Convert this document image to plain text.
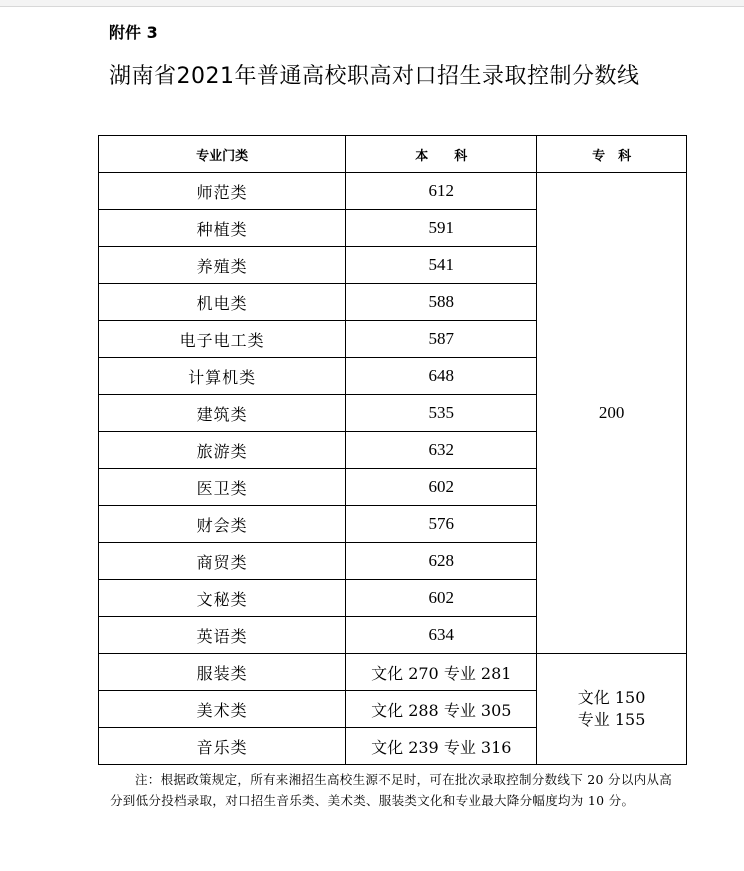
附件 3
湖南省2021年普通高校职高对口招生录取控制分数线
专业门类	本　　科	专　科
师范类	612	200
种植类	591	
养殖类	541	
机电类	588	
电子电工类	587	
计算机类	648	
建筑类	535	
旅游类	632	
医卫类	602	
财会类	576	
商贸类	628	
文秘类	602	
英语类	634	
服装类	文化 270 专业 281	文化 150
专业 155

美术类	文化 288 专业 305	
音乐类	文化 239 专业 316	
注：根据政策规定，所有来湘招生高校生源不足时，可在批次录取控制分数线下 20 分以内从高分到低分投档录取，对口招生音乐类、美术类、服装类文化和专业最大降分幅度均为 10 分。
